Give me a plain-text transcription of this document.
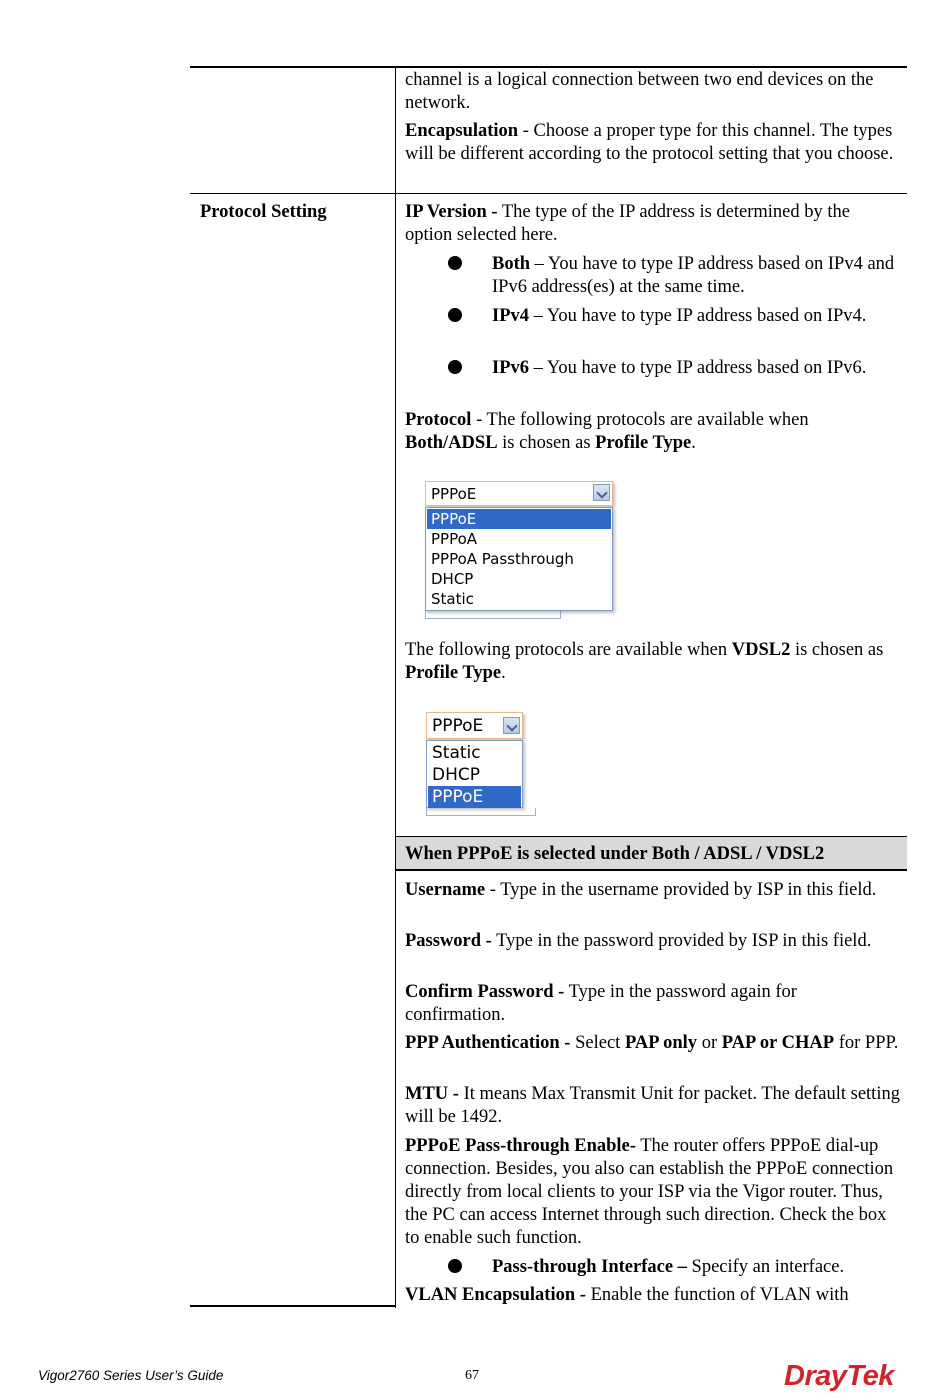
channel is a logical connection between two end devices on the network.
Encapsulation - Choose a proper type for this channel. The types will be different according to the protocol setting that you choose.
Protocol Setting	IP Version - The type of the IP address is determined by the option selected here.
Both – You have to type IP address based on IPv4 and IPv6 address(es) at the same time.
IPv4 – You have to type IP address based on IPv4.
IPv6 – You have to type IP address based on IPv6.
Protocol - The following protocols are available when Both/ADSL is chosen as Profile Type.
PPPoE
PPPoE
PPPoA
PPPoA Passthrough
DHCP
Static
The following protocols are available when VDSL2 is chosen as Profile Type.
PPPoE
Static
DHCP
PPPoE
When PPPoE is selected under Both / ADSL / VDSL2
Username - Type in the username provided by ISP in this field.
Password - Type in the password provided by ISP in this field.
Confirm Password - Type in the password again for confirmation.
PPP Authentication - Select PAP only or PAP or CHAP for PPP.
MTU - It means Max Transmit Unit for packet. The default setting will be 1492.
PPPoE Pass-through Enable- The router offers PPPoE dial-up connection. Besides, you also can establish the PPPoE connection directly from local clients to your ISP via the Vigor router. Thus, the PC can access Internet through such direction. Check the box to enable such function.
Pass-through Interface – Specify an interface.
VLAN Encapsulation - Enable the function of VLAN with
Vigor2760 Series User’s Guide	67	DrayTek
